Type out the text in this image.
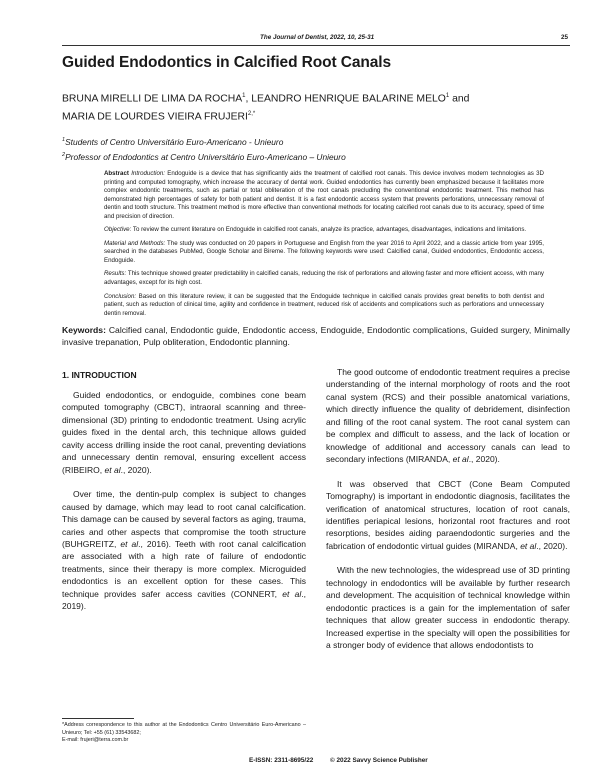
The Journal of Dentist, 2022, 10, 25-31	25
Guided Endodontics in Calcified Root Canals
BRUNA MIRELLI DE LIMA DA ROCHA$^1$, LEANDRO HENRIQUE BALARINE MELO$^1$ and
MARIA DE LOURDES VIEIRA $FRUJERI^{2,*}$
$^1$Students of Centro Universitário Euro-Americano - Unieuro
$^2$Professor of Endodontics at Centro Universitário Euro-Americano – Unieuro

Abstract Introduction: Endoguide is a device that has significantly aids the treatment of calcified root canals. This device involves modern technologies as 3D printing and computed tomography, which increase the accuracy of dental work. Guided endodontics has currently been emphasized because it facilitates more complex endodontic treatments, such as partial or total obliteration of the root canals precluding the conventional endodontic treatment. This method has demonstrated high percentages of safety for both patient and dentist. It is a fast endodontic access system that prevents perforations, unnecessary removal of dentin and tooth structure. This treatment method is more effective than conventional methods for locating calcified root canals due to its accuracy, speed of time and precision of direction.

Objective: To review the current literature on Endoguide in calcified root canals, analyze its practice, advantages, disadvantages, indications and limitations.

Material and Methods: The study was conducted on 20 papers in Portuguese and English from the year 2016 to April 2022, and a classic article from year 1995, searched in the databases PubMed, Google Scholar and Bireme. The following keywords were used: Calcified canal, Guided endodontics, Endodontic access, Endoguide.

Results: This technique showed greater predictability in calcified canals, reducing the risk of perforations and allowing faster and more efficient access, with many advantages, except for its high cost.

Conclusion: Based on this literature review, it can be suggested that the Endoguide technique in calcified canals provides great benefits to both dentist and patient, such as reduction of clinical time, agility and confidence in treatment, reduced risk of accidents and complications such as perforations and unnecessary dentin removal.

Keywords: Calcified canal, Endodontic guide, Endodontic access, Endoguide, Endodontic complications, Guided surgery, Minimally invasive trepanation, Pulp obliteration, Endodontic planning.
1. INTRODUCTION

Guided endodontics, or endoguide, combines cone beam computed tomography (CBCT), intraoral scanning and three-dimensional (3D) printing to endodontic treatment. Using acrylic guides fixed in the dental arch, this technique allows guided cavity access drilling inside the root canal, preventing deviations and unnecessary dentin removal, ensuring excellent access (RIBEIRO, et al., 2020).

Over time, the dentin-pulp complex is subject to changes caused by damage, which may lead to root canal calcification. This damage can be caused by several factors as aging, trauma, caries and other aspects that compromise the tooth structure (BUHGREITZ, et al., 2016). Teeth with root canal calcification are associated with a high rate of failure of endodontic treatments, since their therapy is more complex. Microguided endodontics is an excellent option for these cases. This technique provides safer access cavities (CONNERT, et al., 2019).

The good outcome of endodontic treatment requires a precise understanding of the internal morphology of roots and the root canal system (RCS) and their possible anatomical variations, which directly influence the quality of debridement, disinfection and filling of the root canal system. The root canal system can be complex and difficult to assess, and the lack of location or knowledge of additional and accessory canals can lead to secondary infections (MIRANDA, et al., 2020).

It was observed that CBCT (Cone Beam Computed Tomography) is important in endodontic diagnosis, facilitates the verification of anatomical structures, location of root canals, identifies periapical lesions, horizontal root fractures and root resorptions, besides aiding paraendodontic surgeries and the fabrication of endodontic virtual guides (MIRANDA, et al., 2020).

With the new technologies, the widespread use of 3D printing technology in endodontics will be available by further research and development. The acquisition of technical knowledge within endodontic practices is a gain for the implementation of safer techniques that allow greater success in endodontic therapy. Increased expertise in the specialty will open the possibilities for a stronger body of evidence that allows endodontists to

*Address correspondence to this author at the Endodontics Centro Universitário Euro-Americano – Unieuro; Tel: +55 (61) 33543682;
E-mail: frujeri@terra.com.br
E-ISSN: 2311-8695/22	© 2022 Savvy Science Publisher
